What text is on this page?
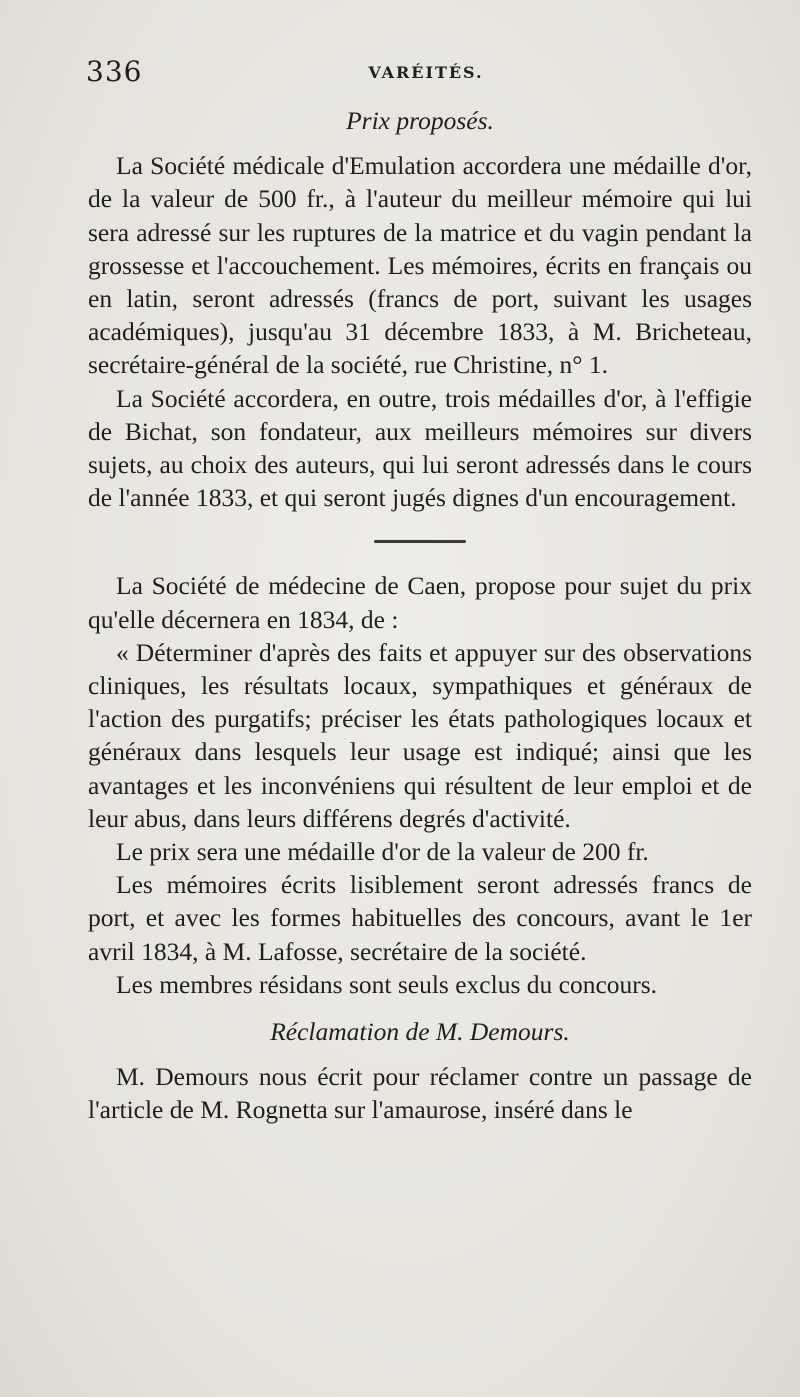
336	VARÉITÉS.
Prix proposés.

La Société médicale d'Emulation accordera une médaille d'or, de la valeur de 500 fr., à l'auteur du meilleur mémoire qui lui sera adressé sur les ruptures de la matrice et du vagin pendant la grossesse et l'accouchement. Les mémoires, écrits en français ou en latin, seront adressés (francs de port, suivant les usages académiques), jusqu'au 31 décembre 1833, à M. Bricheteau, secrétaire-général de la société, rue Christine, n° 1.

La Société accordera, en outre, trois médailles d'or, à l'effigie de Bichat, son fondateur, aux meilleurs mémoires sur divers sujets, au choix des auteurs, qui lui seront adressés dans le cours de l'année 1833, et qui seront jugés dignes d'un encouragement.

La Société de médecine de Caen, propose pour sujet du prix qu'elle décernera en 1834, de :

« Déterminer d'après des faits et appuyer sur des observations cliniques, les résultats locaux, sympathiques et généraux de l'action des purgatifs; préciser les états pathologiques locaux et généraux dans lesquels leur usage est indiqué; ainsi que les avantages et les inconvéniens qui résultent de leur emploi et de leur abus, dans leurs différens degrés d'activité.

Le prix sera une médaille d'or de la valeur de 200 fr.

Les mémoires écrits lisiblement seront adressés francs de port, et avec les formes habituelles des concours, avant le 1er avril 1834, à M. Lafosse, secrétaire de la société.

Les membres résidans sont seuls exclus du concours.

Réclamation de M. Demours.

M. Demours nous écrit pour réclamer contre un passage de l'article de M. Rognetta sur l'amaurose, inséré dans le
